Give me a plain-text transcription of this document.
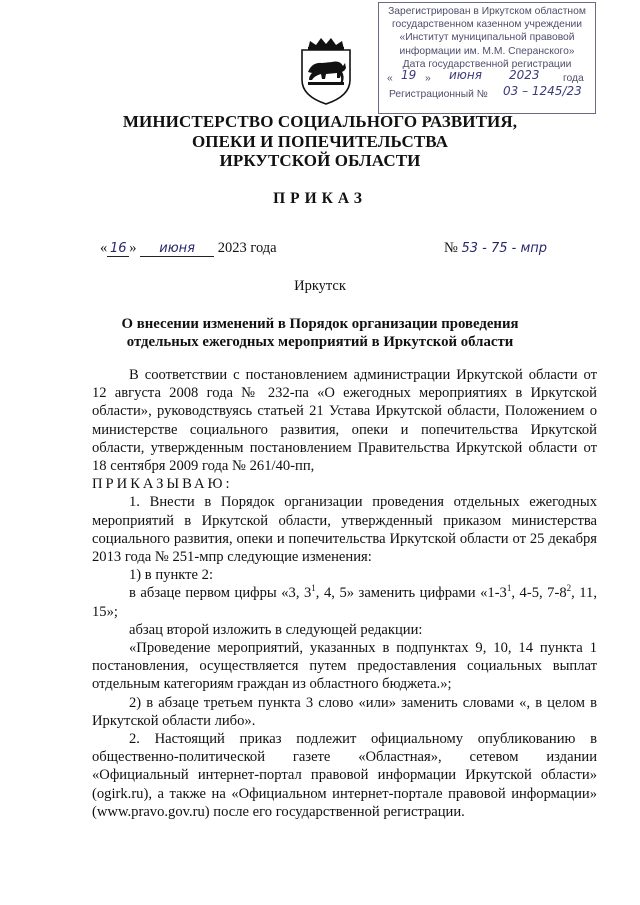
Зарегистрирован в Иркутском областном
государственном казенном учреждении
«Институт муниципальной правовой
информации им. М.М. Сперанского»
Дата государственной регистрации
« 19 » июня 2023 года
Регистрационный № 03 – 1245/23
МИНИСТЕРСТВО СОЦИАЛЬНОГО РАЗВИТИЯ,
ОПЕКИ И ПОПЕЧИТЕЛЬСТВА
ИРКУТСКОЙ ОБЛАСТИ
ПРИКАЗ
« 16 » июня 2023 года	№ 53 - 75 - мпр
Иркутск
О внесении изменений в Порядок организации проведения
отдельных ежегодных мероприятий в Иркутской области

В соответствии с постановлением администрации Иркутской области от 12 августа 2008 года № 232-па «О ежегодных мероприятиях в Иркутской области», руководствуясь статьей 21 Устава Иркутской области, Положением о министерстве социального развития, опеки и попечительства Иркутской области, утвержденным постановлением Правительства Иркутской области от 18 сентября 2009 года № 261/40-пп,

ПРИКАЗЫВАЮ:

1. Внести в Порядок организации проведения отдельных ежегодных мероприятий в Иркутской области, утвержденный приказом министерства социального развития, опеки и попечительства Иркутской области от 25 декабря 2013 года № 251-мпр следующие изменения:

1) в пункте 2:

в абзаце первом цифры «3, $3^1$, 4, 5» заменить цифрами «$1-3^1$, 4-5, $7-8^2$, 11, 15»;

абзац второй изложить в следующей редакции:

«Проведение мероприятий, указанных в подпунктах 9, 10, 14 пункта 1 постановления, осуществляется путем предоставления социальных выплат отдельным категориям граждан из областного бюджета.»;

2) в абзаце третьем пункта 3 слово «или» заменить словами «, в целом в Иркутской области либо».

2. Настоящий приказ подлежит официальному опубликованию в общественно-политической газете «Областная», сетевом издании «Официальный интернет-портал правовой информации Иркутской области» (ogirk.ru), а также на «Официальном интернет-портале правовой информации» (www.pravo.gov.ru) после его государственной регистрации.
